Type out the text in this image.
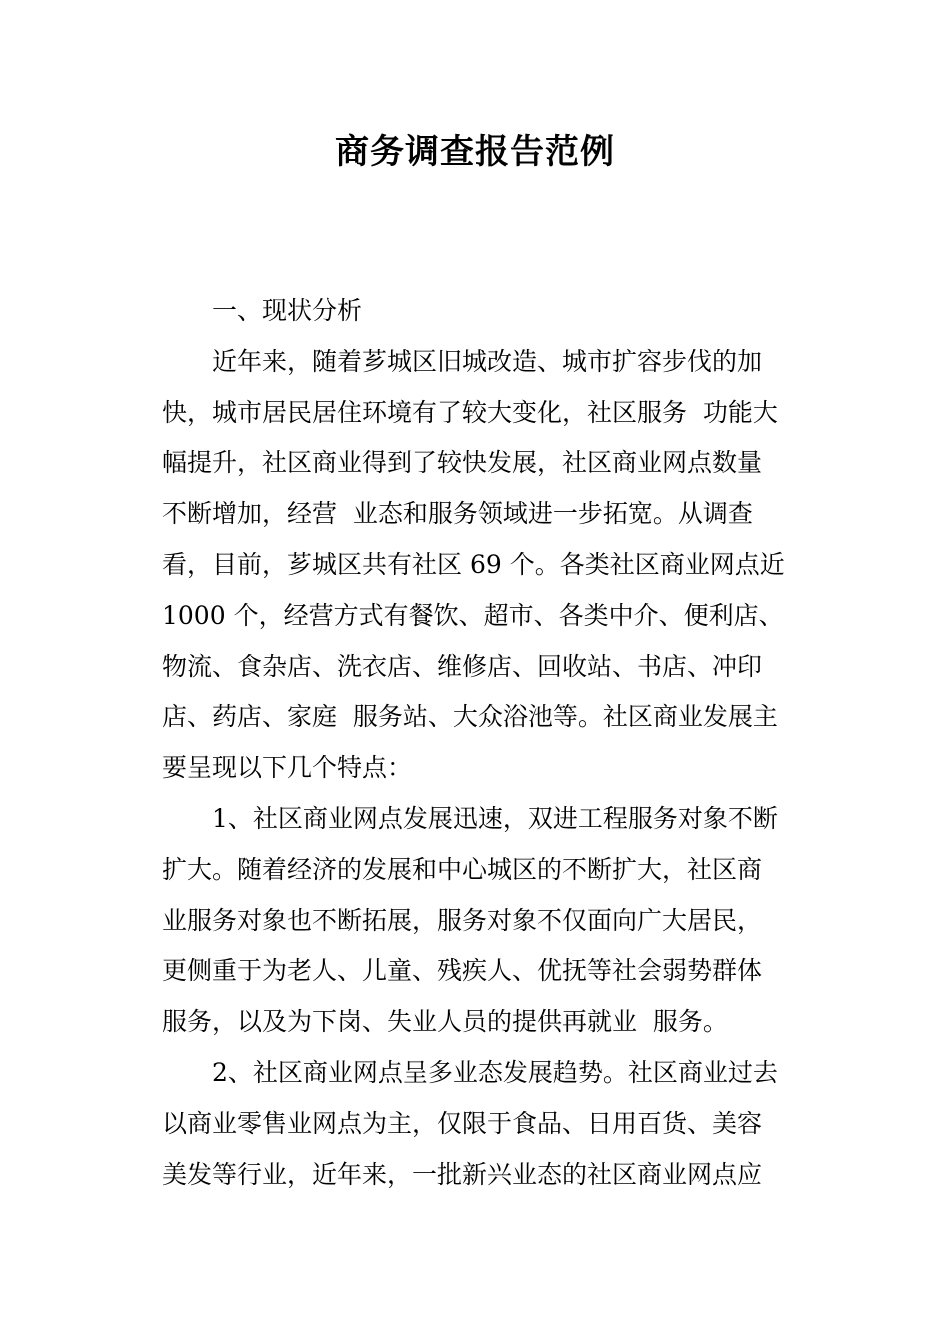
商务调查报告范例
　　一、现状分析
　　近年来，随着芗城区旧城改造、城市扩容步伐的加
快，城市居民居住环境有了较大变化，社区服务  功能大
幅提升，社区商业得到了较快发展，社区商业网点数量
不断增加，经营  业态和服务领域进一步拓宽。从调查
看，目前，芗城区共有社区 69 个。各类社区商业网点近
1000 个，经营方式有餐饮、超市、各类中介、便利店、
物流、食杂店、洗衣店、维修店、回收站、书店、冲印
店、药店、家庭  服务站、大众浴池等。社区商业发展主
要呈现以下几个特点：
　　1、社区商业网点发展迅速，双进工程服务对象不断
扩大。随着经济的发展和中心城区的不断扩大，社区商
业服务对象也不断拓展，服务对象不仅面向广大居民，
更侧重于为老人、儿童、残疾人、优抚等社会弱势群体
服务，以及为下岗、失业人员的提供再就业  服务。
　　2、社区商业网点呈多业态发展趋势。社区商业过去
以商业零售业网点为主，仅限于食品、日用百货、美容
美发等行业，近年来，一批新兴业态的社区商业网点应
